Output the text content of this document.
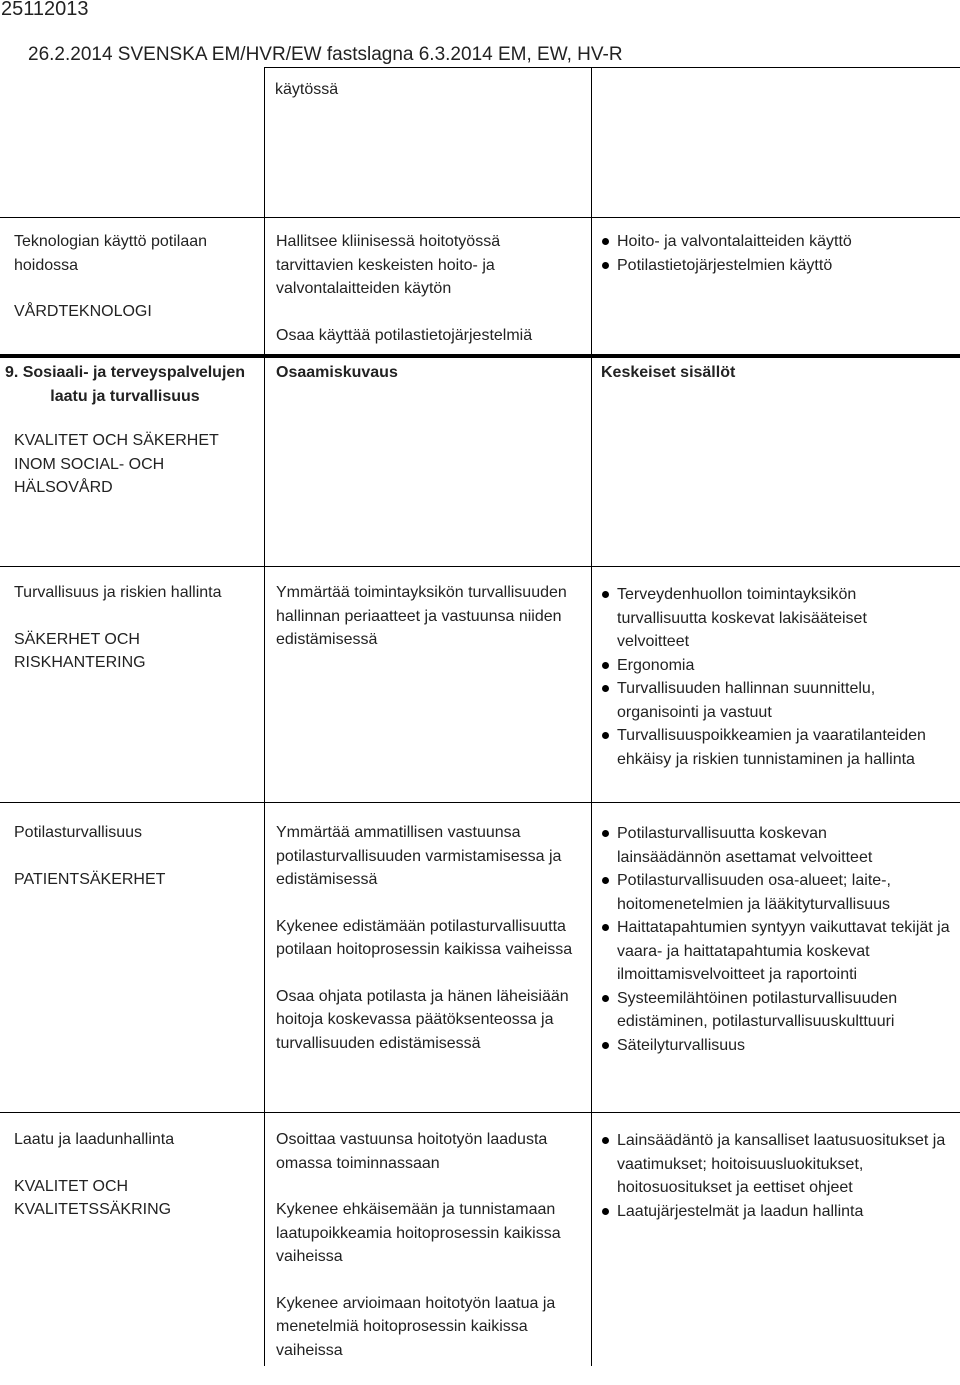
25112013
26.2.2014 SVENSKA EM/HVR/EW fastslagna 6.3.2014 EM, EW, HV-R
käytössä
Teknologian käyttö potilaan hoidossa
VÅRDTEKNOLOGI
Hallitsee kliinisessä hoitotyössä tarvittavien keskeisten hoito- ja valvontalaitteiden käytön
Osaa käyttää potilastietojärjestelmiä
Hoito- ja valvontalaitteiden käyttö
Potilastietojärjestelmien käyttö
9. Sosiaali- ja terveyspalvelujen laatu ja turvallisuus
KVALITET OCH SÄKERHET INOM SOCIAL- OCH HÄLSOVÅRD
Osaamiskuvaus	Keskeiset sisällöt
Turvallisuus ja riskien hallinta
SÄKERHET OCH RISKHANTERING
Ymmärtää toimintayksikön turvallisuuden hallinnan periaatteet ja vastuunsa niiden edistämisessä
Terveydenhuollon toimintayksikön turvallisuutta koskevat lakisääteiset velvoitteet
Ergonomia
Turvallisuuden hallinnan suunnittelu, organisointi ja vastuut
Turvallisuuspoikkeamien ja vaaratilanteiden ehkäisy ja riskien tunnistaminen ja hallinta
Potilasturvallisuus
PATIENTSÄKERHET
Ymmärtää ammatillisen vastuunsa potilasturvallisuuden varmistamisessa ja edistämisessä
Kykenee edistämään potilasturvallisuutta potilaan hoitoprosessin kaikissa vaiheissa
Osaa ohjata potilasta ja hänen läheisiään hoitoja koskevassa päätöksenteossa ja turvallisuuden edistämisessä
Potilasturvallisuutta koskevan lainsäädännön asettamat velvoitteet
Potilasturvallisuuden osa-alueet; laite-, hoitomenetelmien ja lääkityturvallisuus
Haittatapahtumien syntyyn vaikuttavat tekijät ja vaara- ja haittatapahtumia koskevat ilmoittamisvelvoitteet ja raportointi
Systeemilähtöinen potilasturvallisuuden edistäminen, potilasturvallisuuskulttuuri
Säteilyturvallisuus
Laatu ja laadunhallinta
KVALITET OCH KVALITETSSÄKRING
Osoittaa vastuunsa hoitotyön laadusta omassa toiminnassaan
Kykenee ehkäisemään ja tunnistamaan laatupoikkeamia hoitoprosessin kaikissa vaiheissa
Kykenee arvioimaan hoitotyön laatua ja menetelmiä hoitoprosessin kaikissa vaiheissa
Lainsäädäntö ja kansalliset laatusuositukset ja vaatimukset; hoitoisuusluokitukset, hoitosuositukset ja eettiset ohjeet
Laatujärjestelmät ja laadun hallinta
